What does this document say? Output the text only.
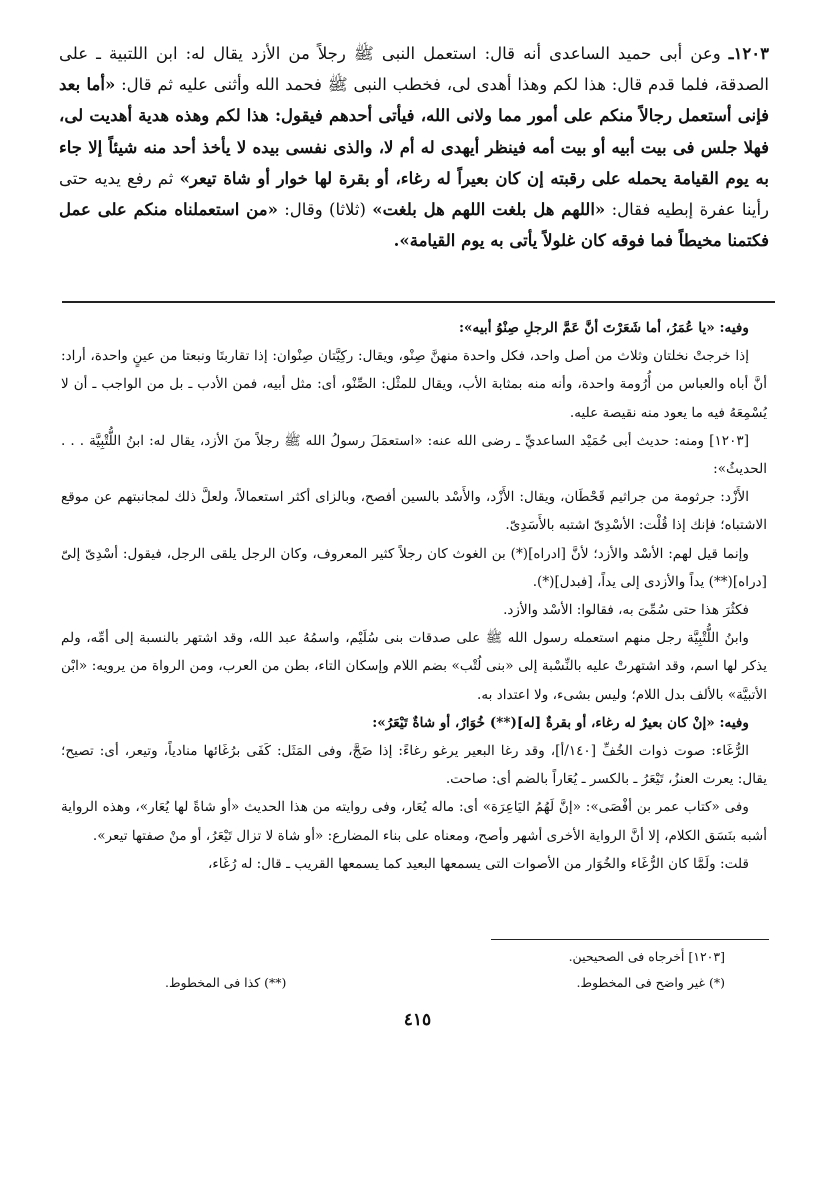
١٢٠٣ـ وعن أبى حميد الساعدى أنه قال: استعمل النبى ﷺ رجلاً من الأزد يقال له: ابن اللتبية ـ على الصدقة، فلما قدم قال: هذا لكم وهذا أهدى لى، فخطب النبى ﷺ فحمد الله وأثنى عليه ثم قال: «أما بعد فإنى أستعمل رجالاً منكم على أمور مما ولانى الله، فيأتى أحدهم فيقول: هذا لكم وهذه هدية أهديت لى، فهلا جلس فى بيت أبيه أو بيت أمه فينظر أيهدى له أم لا، والذى نفسى بيده لا يأخذ أحد منه شيئاً إلا جاء به يوم القيامة يحمله على رقبته إن كان بعيراً له رغاء، أو بقرة لها خوار أو شاة تيعر» ثم رفع يديه حتى رأينا عفرة إبطيه فقال: «اللهم هل بلغت اللهم هل بلغت» (ثلاثا) وقال: «من استعملناه منكم على عمل فكتمنا مخيطاً فما فوقه كان غلولاً يأتى به يوم القيامة».

وفيه: «يا عُمَرُ، أما شَعَرْتَ أنَّ عَمَّ الرجلِ صِنْوُ أبيه»:

إذا خرجتْ نخلتان وثلاث من أصل واحد، فكل واحدة منهنَّ صِنْو، ويقال: ركِيَّتان صِنْوان: إذا تقاربتَا ونبعتا من عينٍ واحدة، أراد: أنَّ أباه والعباس من أُرُومة واحدة، وأنه منه بمثابة الأب، ويقال للمثْل: الصِّنْو، أى: مثل أبيه، فمن الأدب ـ بل من الواجب ـ أن لا يُسْمِعَهُ فيه ما يعود منه نقيصة عليه.

[١٢٠٣] ومنه: حديث أبى حُمَيْد الساعديِّ ـ رضى الله عنه: «استعمَلَ رسولُ الله ﷺ رجلاً منَ الأزد، يقال له: ابنُ اللُّتْبِيَّة . . . الحديثُ»:

الأَزْد: جرثومة من جراثيم قَحْطَان، ويقال: الأَزْد، والأَسْد بالسين أفصح، وبالزاى أكثر استعمالاً، ولعلَّ ذلك لمجانبتهم عن موقع الاشتباه؛ فإنك إذا قُلْت: الأسْدِىّ اشتبه بالأَسَدِىّ.

وإنما قيل لهم: الأسْد والأزد؛ لأنَّ [ادراه](*) بن الغوث كان رجلاً كثير المعروف، وكان الرجل يلقى الرجل، فيقول: أسْدِىّ إلىّ [دراه](**) يداً والأزدى إلى يداً، [فبدل](*).

فكثُرَ هذا حتى سُمِّىَ به، فقالوا: الأسْد والأزد.

وابنُ اللُّتْبِيَّة رجل منهم استعمله رسول الله ﷺ على صدقات بنى سُلَيْم، واسمُهُ عبد الله، وقد اشتهر بالنسبة إلى أمِّه، ولم يذكر لها اسم، وقد اشتهرتْ عليه بالنِّسْبة إلى «بنى لُتْب» بضم اللام وإسكان التاء، بطن من العرب، ومن الرواة من يرويه: «ابْن الأتبيَّة» بالألف بدل اللام؛ وليس بشىء، ولا اعتداد به.

وفيه: «إنْ كان بعيرٌ له رغاء، أو بقرةٌ [له](**) خُوَارٌ، أو شاةٌ تَيْعَرُ»:

الرُّغَاء: صوت ذوات الخُفِّ [١٤٠/أ]، وقد رغا البعير يرغو رغاءً: إذا ضَجَّ، وفى المَثَل: كَفَى برُغَائها منادياً، وتيعر، أى: تصيح؛ يقال: يعرت العنزُ، تَيْعَرُ ـ بالكسر ـ يُعَاراً بالضم أى: صاحت.

وفى «كتاب عمر بن أفْصَى»: «إنَّ لَهُمُ اليَاعِرَة» أى: ماله يُعَار، وفى روايته من هذا الحديث «أو شاةً لها يُعَار»، وهذه الرواية أشبه بنَسَق الكلام، إلا أنَّ الرواية الأخرى أشهر وأصح، ومعناه على بناء المضارع: «أو شاة لا تزال تَيْعَرُ، أو منْ صفتها تيعر».

قلت: ولَمَّا كان الرُّغَاء والخُوَار من الأصوات التى يسمعها البعيد كما يسمعها القريب ـ قال: له رُغَاء،

[١٢٠٣] أخرجاه فى الصحيحين.
(*) غير واضح فى المخطوط.
(**) كذا فى المخطوط.
٤١٥
